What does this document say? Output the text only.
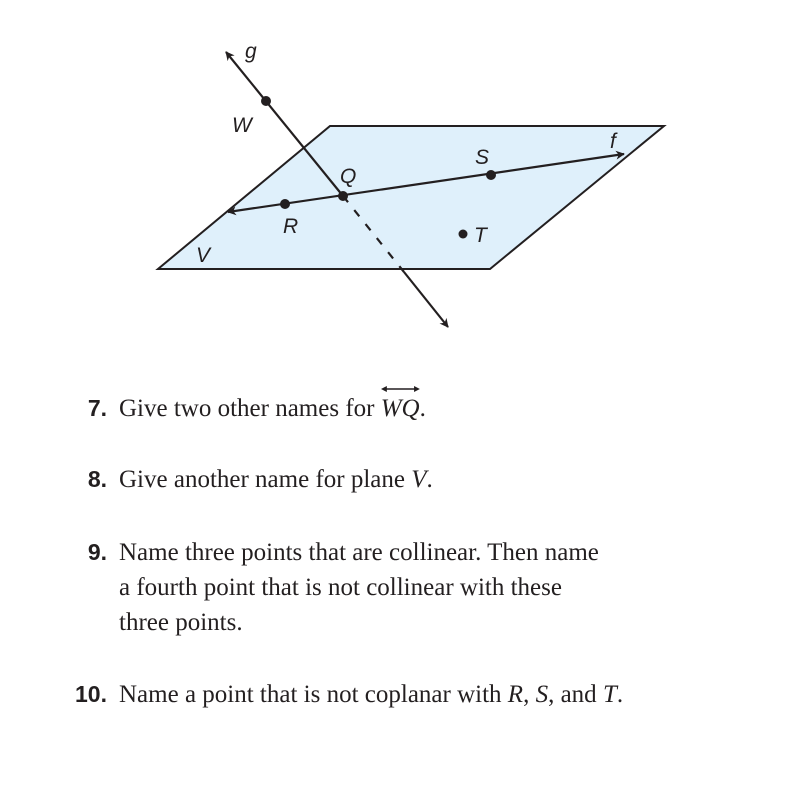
g
W
Q
S
f
R	T
V
7. Give two other names for
WQ.
8. Give another name for plane V.
9. Name three points that are collinear. Then name
a fourth point that is not collinear with these
three points.
10. Name a point that is not coplanar with R, S, and T.
